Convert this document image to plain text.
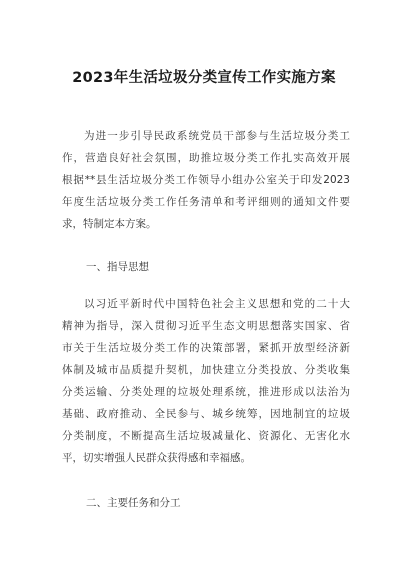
2023年生活垃圾分类宣传工作实施方案
为进一步引导民政系统党员干部参与生活垃圾分类工
作，营造良好社会氛围，助推垃圾分类工作扎实高效开展
根据**县生活垃圾分类工作领导小组办公室关于印发2023
年度生活垃圾分类工作任务清单和考评细则的通知文件要
求，特制定本方案。
一、指导思想
以习近平新时代中国特色社会主义思想和党的二十大
精神为指导，深入贯彻习近平生态文明思想落实国家、省
市关于生活垃圾分类工作的决策部署，紧抓开放型经济新
体制及城市品质提升契机，加快建立分类投放、分类收集
分类运输、分类处理的垃圾处理系统，推进形成以法治为
基础、政府推动、全民参与、城乡统筹，因地制宜的垃圾
分类制度，不断提高生活垃圾减量化、资源化、无害化水
平，切实增强人民群众获得感和幸福感。
二、主要任务和分工
